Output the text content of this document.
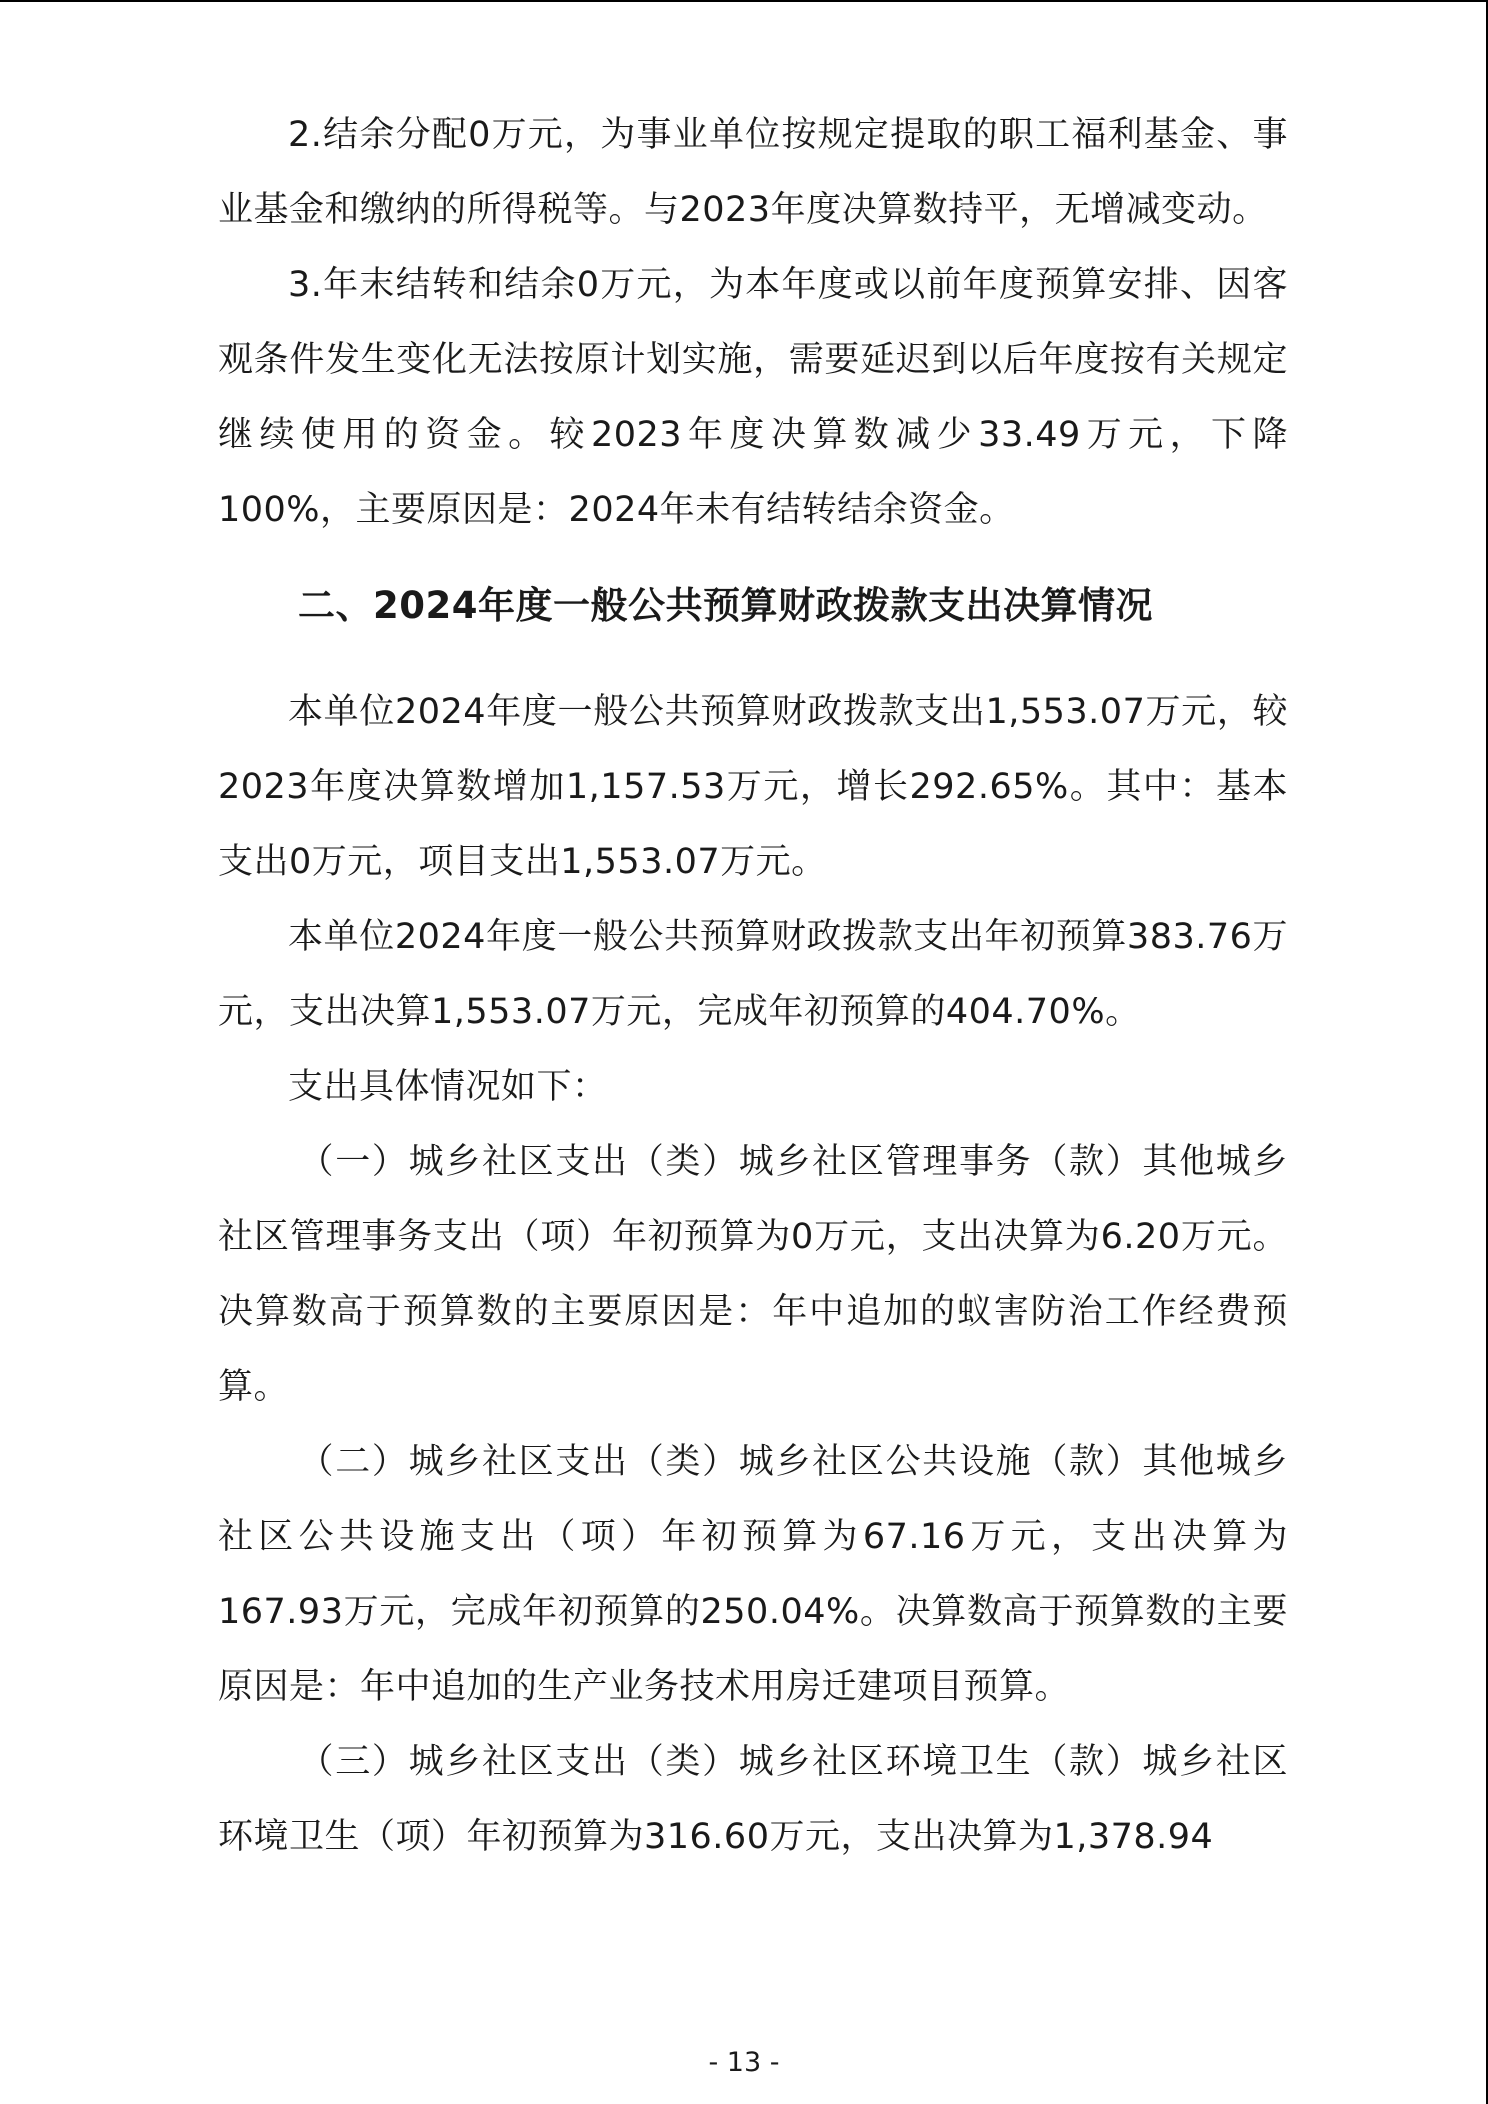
2.结余分配0万元，为事业单位按规定提取的职工福利基金、事业基金和缴纳的所得税等。与2023年度决算数持平，无增减变动。

3.年末结转和结余0万元，为本年度或以前年度预算安排、因客观条件发生变化无法按原计划实施，需要延迟到以后年度按有关规定继续使用的资金。较2023年度决算数减少33.49万元，下降100%，主要原因是：2024年未有结转结余资金。

二、2024年度一般公共预算财政拨款支出决算情况

本单位2024年度一般公共预算财政拨款支出1,553.07万元，较2023年度决算数增加1,157.53万元，增长292.65%。其中：基本支出0万元，项目支出1,553.07万元。

本单位2024年度一般公共预算财政拨款支出年初预算383.76万元，支出决算1,553.07万元，完成年初预算的404.70%。

支出具体情况如下：

（一）城乡社区支出（类）城乡社区管理事务（款）其他城乡社区管理事务支出（项）年初预算为0万元，支出决算为6.20万元。决算数高于预算数的主要原因是：年中追加的蚁害防治工作经费预算。

（二）城乡社区支出（类）城乡社区公共设施（款）其他城乡社区公共设施支出（项）年初预算为67.16万元，支出决算为167.93万元，完成年初预算的250.04%。决算数高于预算数的主要原因是：年中追加的生产业务技术用房迁建项目预算。

（三）城乡社区支出（类）城乡社区环境卫生（款）城乡社区环境卫生（项）年初预算为316.60万元，支出决算为1,378.94

- 13 -
